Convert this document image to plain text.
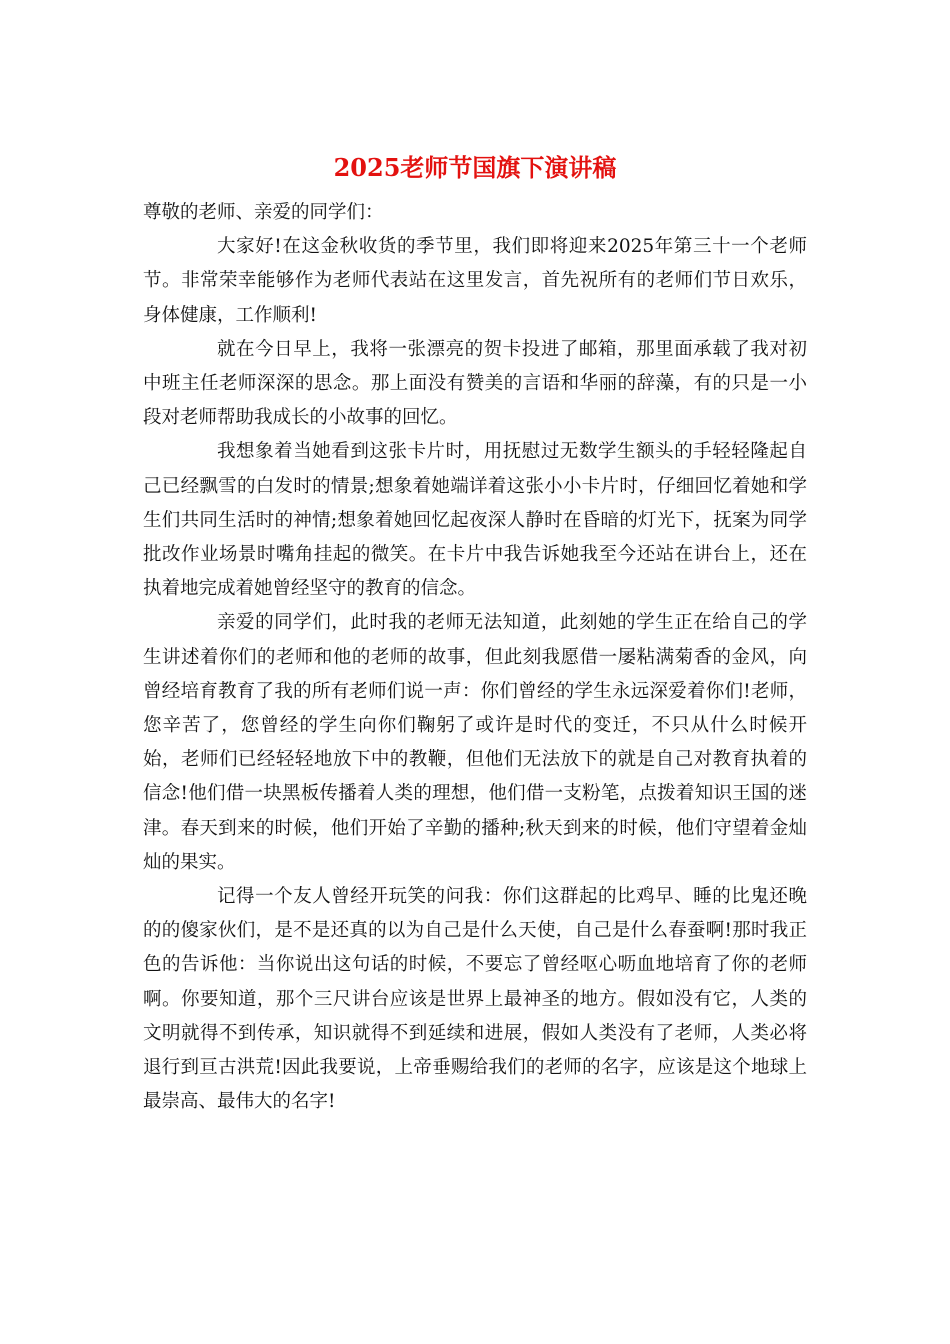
2025老师节国旗下演讲稿

尊敬的老师、亲爱的同学们：

大家好!在这金秋收货的季节里，我们即将迎来2025年第三十一个老师节。非常荣幸能够作为老师代表站在这里发言，首先祝所有的老师们节日欢乐，身体健康，工作顺利!

就在今日早上，我将一张漂亮的贺卡投进了邮箱，那里面承载了我对初中班主任老师深深的思念。那上面没有赞美的言语和华丽的辞藻，有的只是一小段对老师帮助我成长的小故事的回忆。

我想象着当她看到这张卡片时，用抚慰过无数学生额头的手轻轻隆起自己已经飘雪的白发时的情景;想象着她端详着这张小小卡片时，仔细回忆着她和学生们共同生活时的神情;想象着她回忆起夜深人静时在昏暗的灯光下，抚案为同学批改作业场景时嘴角挂起的微笑。在卡片中我告诉她我至今还站在讲台上，还在执着地完成着她曾经坚守的教育的信念。

亲爱的同学们，此时我的老师无法知道，此刻她的学生正在给自己的学生讲述着你们的老师和他的老师的故事，但此刻我愿借一屡粘满菊香的金风，向曾经培育教育了我的所有老师们说一声：你们曾经的学生永远深爱着你们!老师，您辛苦了，您曾经的学生向你们鞠躬了或许是时代的变迁，不只从什么时候开始，老师们已经轻轻地放下中的教鞭，但他们无法放下的就是自己对教育执着的信念!他们借一块黑板传播着人类的理想，他们借一支粉笔，点拨着知识王国的迷津。春天到来的时候，他们开始了辛勤的播种;秋天到来的时候，他们守望着金灿灿的果实。

记得一个友人曾经开玩笑的问我：你们这群起的比鸡早、睡的比鬼还晚的的傻家伙们，是不是还真的以为自己是什么天使，自己是什么春蚕啊!那时我正色的告诉他：当你说出这句话的时候，不要忘了曾经呕心呖血地培育了你的老师啊。你要知道，那个三尺讲台应该是世界上最神圣的地方。假如没有它，人类的文明就得不到传承，知识就得不到延续和进展，假如人类没有了老师，人类必将退行到亘古洪荒!因此我要说，上帝垂赐给我们的老师的名字，应该是这个地球上最崇高、最伟大的名字!
